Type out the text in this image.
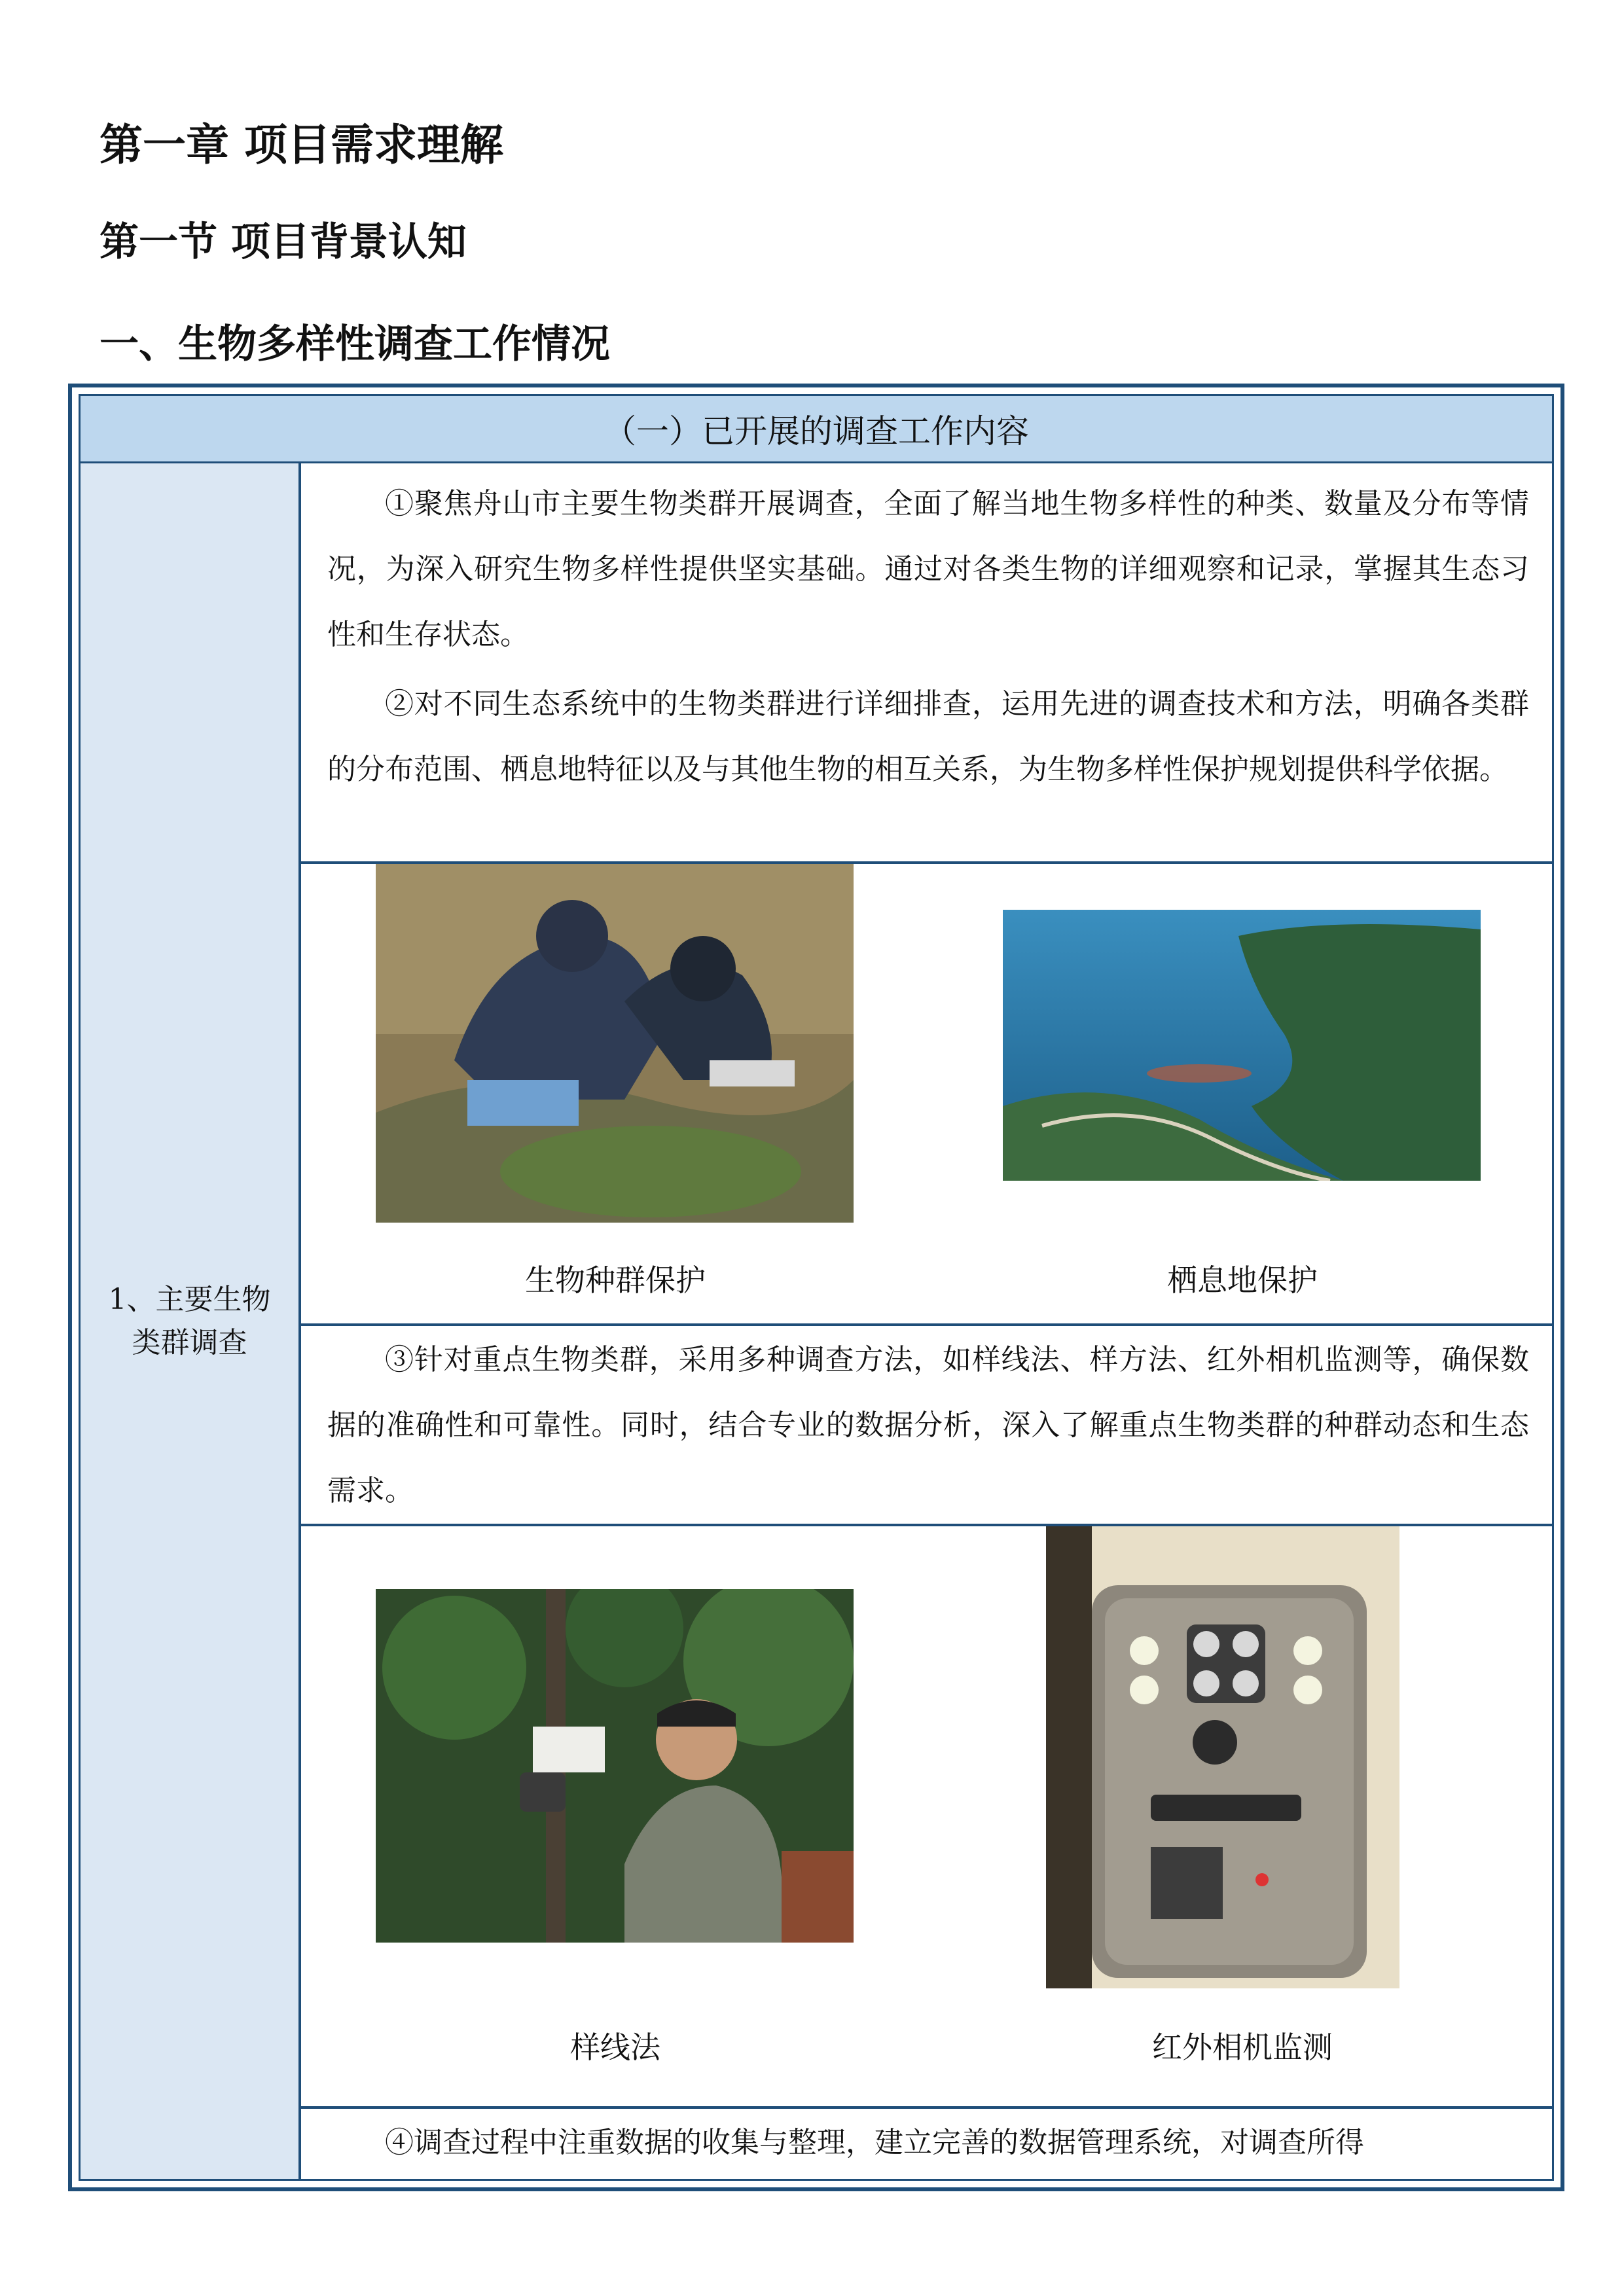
第一章 项目需求理解
第一节 项目背景认知
一、生物多样性调查工作情况
（一）已开展的调查工作内容
1、主要生物类群调查

①聚焦舟山市主要生物类群开展调查，全面了解当地生物多样性的种类、数量及分布等情况，为深入研究生物多样性提供坚实基础。通过对各类生物的详细观察和记录，掌握其生态习性和生存状态。

②对不同生态系统中的生物类群进行详细排查，运用先进的调查技术和方法，明确各类群的分布范围、栖息地特征以及与其他生物的相互关系，为生物多样性保护规划提供科学依据。

生物种群保护	栖息地保护

③针对重点生物类群，采用多种调查方法，如样线法、样方法、红外相机监测等，确保数据的准确性和可靠性。同时，结合专业的数据分析，深入了解重点生物类群的种群动态和生态需求。

样线法	红外相机监测

④调查过程中注重数据的收集与整理，建立完善的数据管理系统，对调查所得
